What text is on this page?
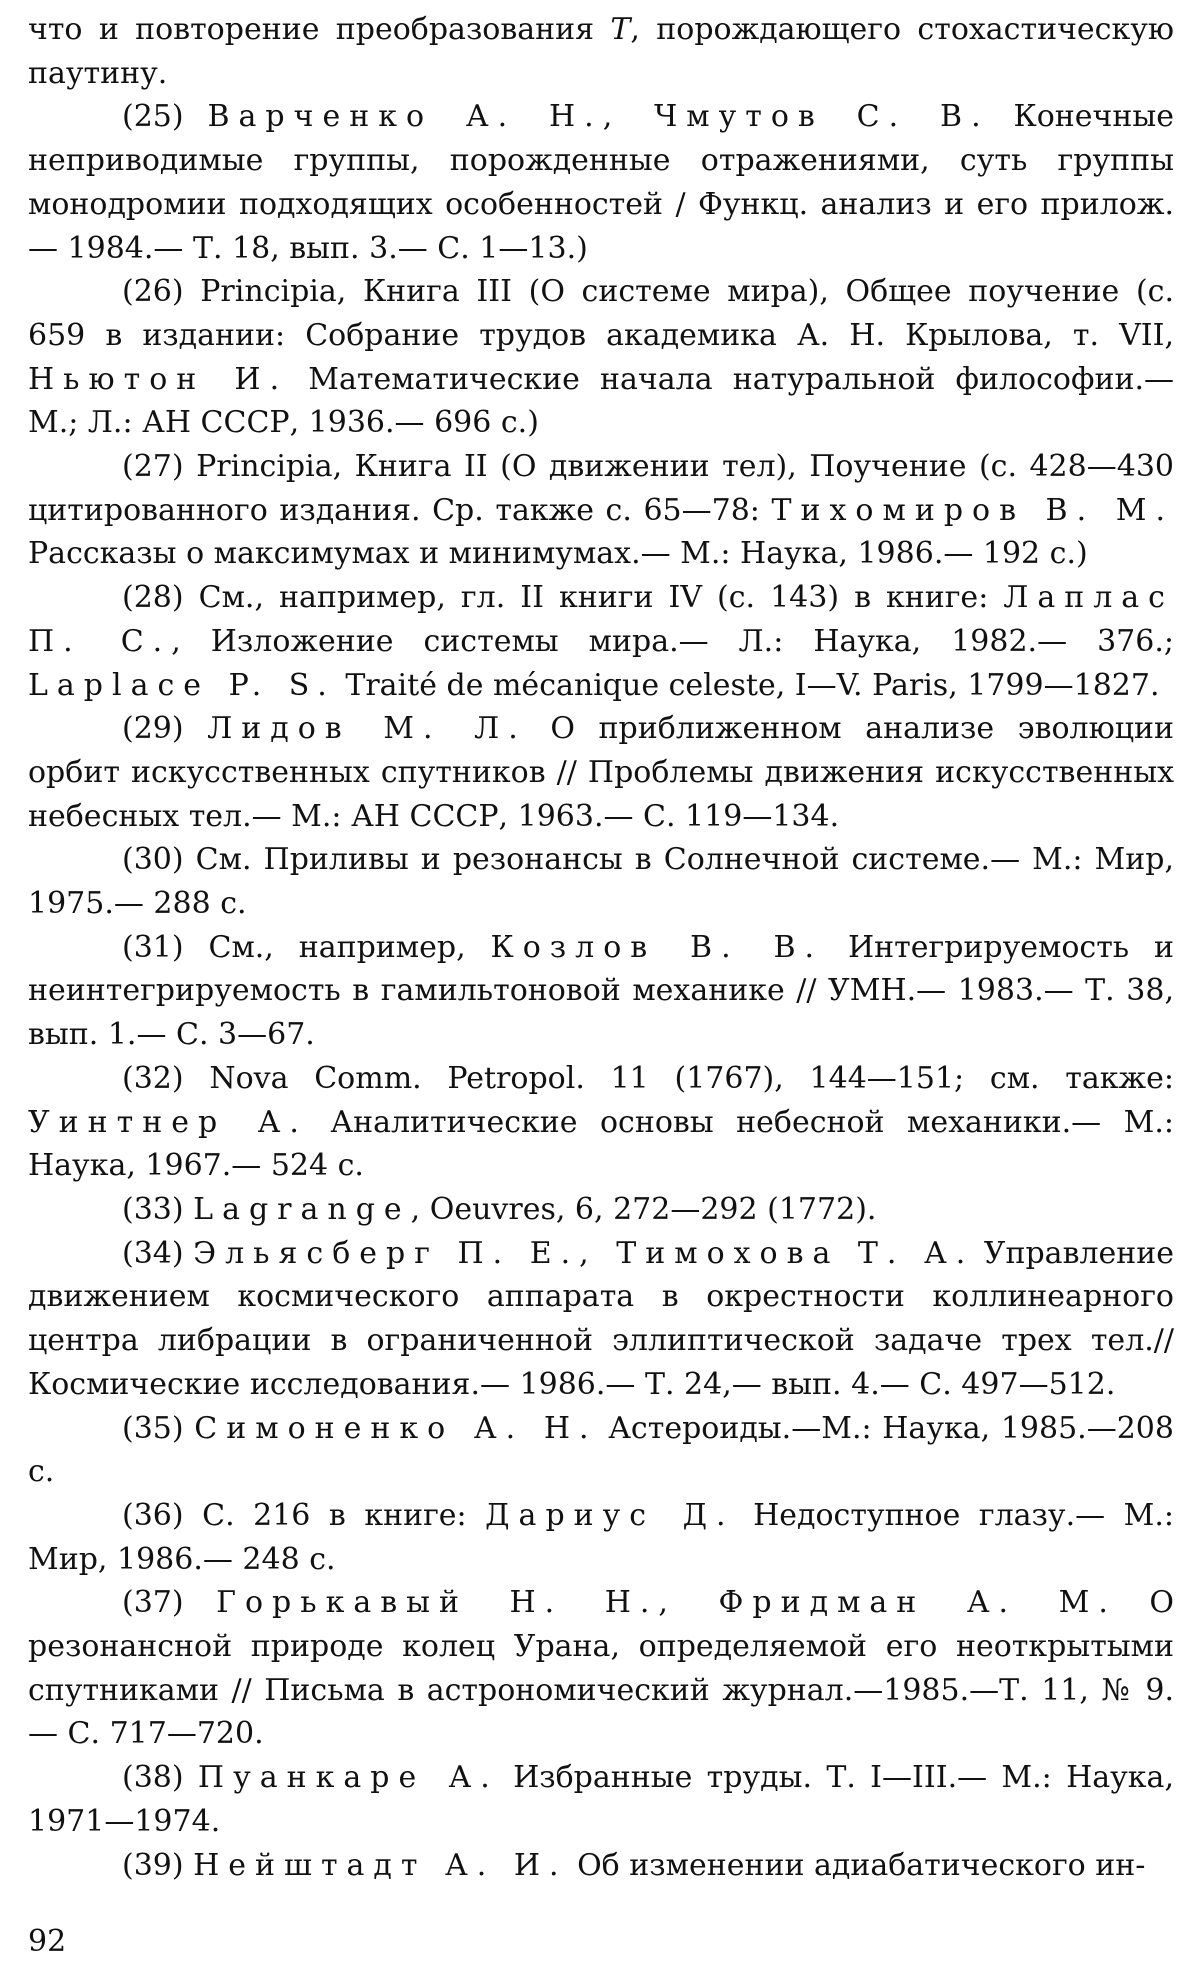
что и повторение преобразования T, порождающего стохастическую паутину.

(25) Варченко А. Н., Чмутов С. В. Конечные неприводимые группы, порожденные отражениями, суть группы монодромии подходящих особенностей / Функц. анализ и его прилож.— 1984.— Т. 18, вып. 3.— С. 1—13.)

(26) Principia, Книга III (О системе мира), Общее поучение (с. 659 в издании: Собрание трудов академика А. Н. Крылова, т. VII, Ньютон И. Математические начала натуральной философии.— М.; Л.: АН СССР, 1936.— 696 с.)

(27) Principia, Книга II (О движении тел), Поучение (с. 428—430 цитированного издания. Ср. также с. 65—78: Тихомиров В. М. Рассказы о максимумах и минимумах.— М.: Наука, 1986.— 192 с.)

(28) См., например, гл. II книги IV (с. 143) в книге: Лаплас П. С., Изложение системы мира.— Л.: Наука, 1982.— 376.; Laplace P. S. Traité de mécanique celeste, I—V. Paris, 1799—1827.

(29) Лидов М. Л. О приближенном анализе эволюции орбит искусственных спутников // Проблемы движения искусственных небесных тел.— М.: АН СССР, 1963.— С. 119—134.

(30) См. Приливы и резонансы в Солнечной системе.— М.: Мир, 1975.— 288 с.

(31) См., например, Козлов В. В. Интегрируемость и неинтегрируемость в гамильтоновой механике // УМН.— 1983.— Т. 38, вып. 1.— С. 3—67.

(32) Nova Comm. Petropol. 11 (1767), 144—151; см. также: Уинтнер А. Аналитические основы небесной механики.— М.: Наука, 1967.— 524 с.

(33) Lagrange, Oeuvres, 6, 272—292 (1772).

(34) Эльясберг П. Е., Тимохова Т. А. Управление движением космического аппарата в окрестности коллинеарного центра либрации в ограниченной эллиптической задаче трех тел.// Космические исследования.— 1986.— Т. 24,— вып. 4.— С. 497—512.

(35) Симоненко А. Н. Астероиды.—М.: Наука, 1985.—208 с.

(36) С. 216 в книге: Дариус Д. Недоступное глазу.— М.: Мир, 1986.— 248 с.

(37) Горькавый Н. Н., Фридман А. М. О резонансной природе колец Урана, определяемой его неоткрытыми спутниками // Письма в астрономический журнал.—1985.—Т. 11, № 9.— С. 717—720.

(38) Пуанкаре А. Избранные труды. Т. I—III.— М.: Наука, 1971—1974.

(39) Нейштадт А. И. Об изменении адиабатического ин-

92
